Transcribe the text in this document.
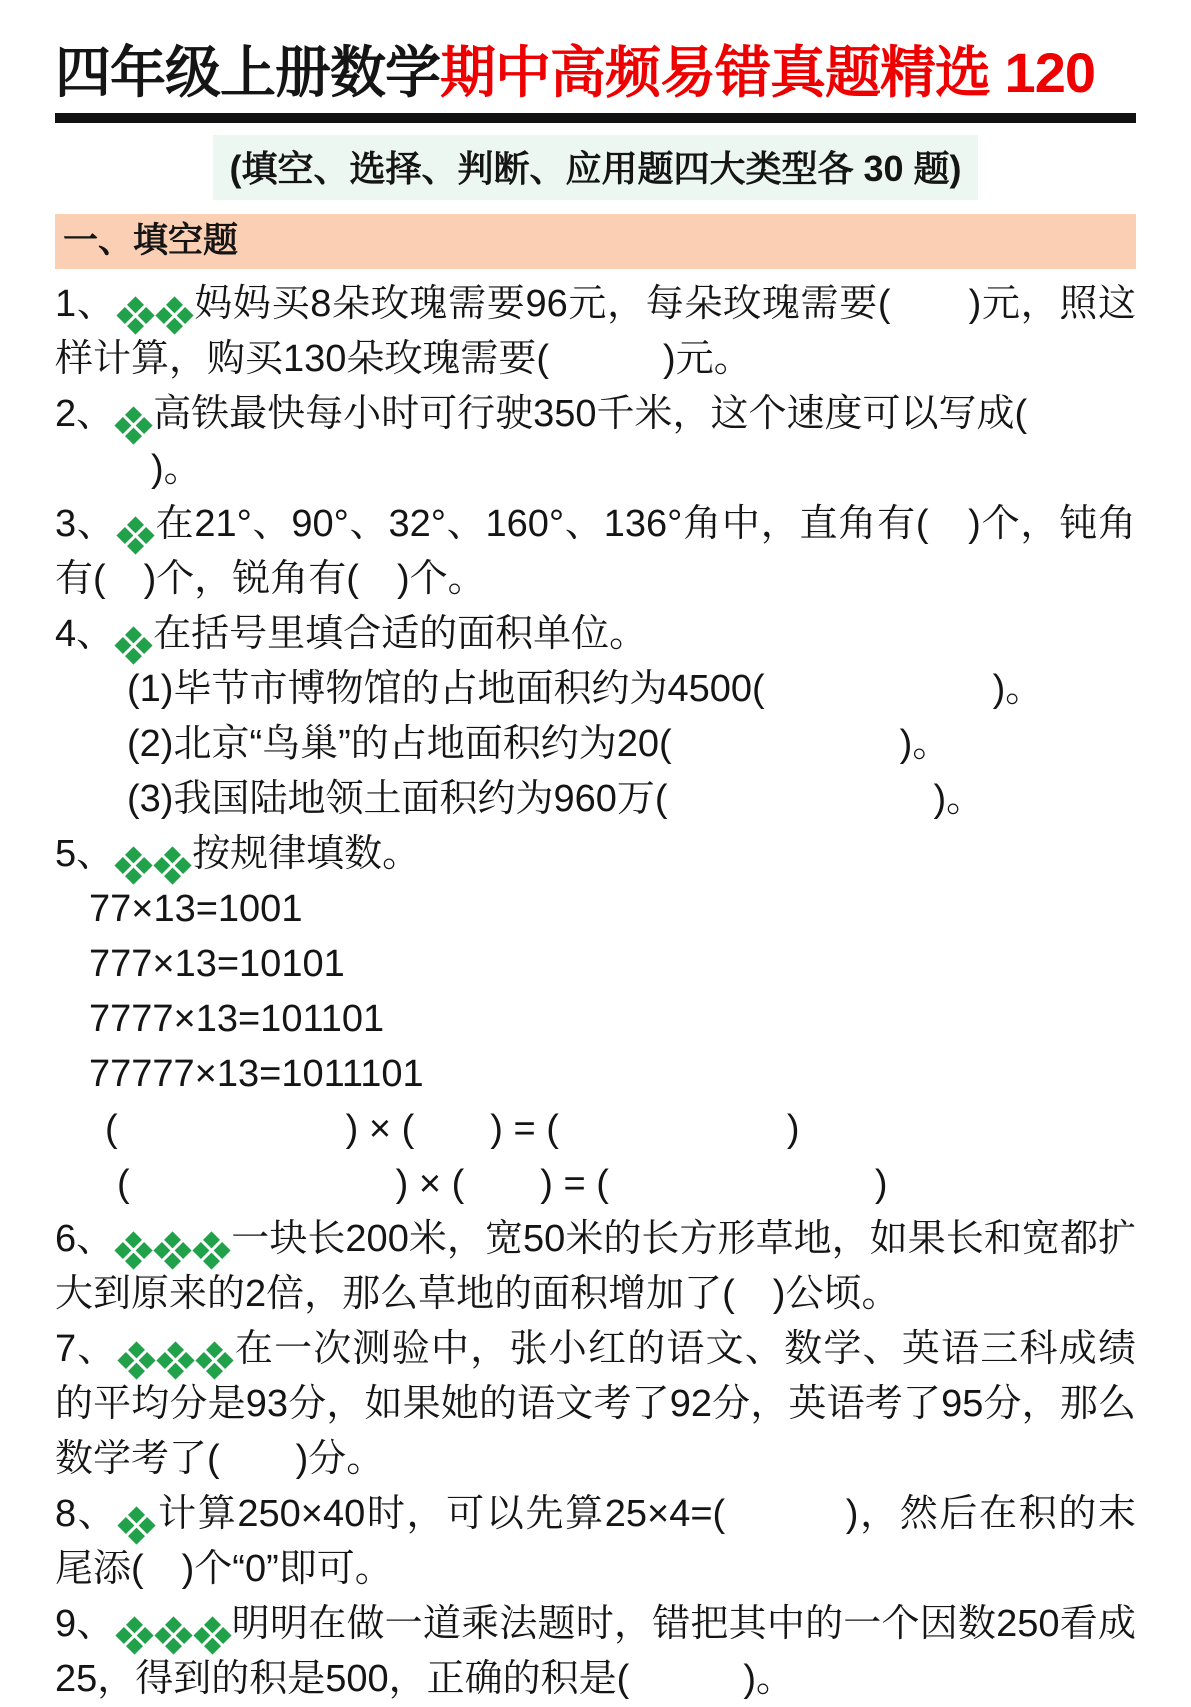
四年级上册数学期中高频易错真题精选 120
(填空、选择、判断、应用题四大类型各 30 题)
一、填空题

1、 妈妈买8朵玫瑰需要96元，每朵玫瑰需要(　　)元，照这样计算，购买130朵玫瑰需要(　　　)元。

2、 高铁最快每小时可行驶350千米，这个速度可以写成(

　)。

3、 在21°、90°、32°、160°、136°角中，直角有(　)个，钝角有(　)个，锐角有(　)个。

4、 在括号里填合适的面积单位。

(1)毕节市博物馆的占地面积约为4500(　　　　　　)。

(2)北京“鸟巢”的占地面积约为20(　　　　　　)。

(3)我国陆地领土面积约为960万(　　　　　　　)。

5、 按规律填数。

77×13=1001

777×13=10101

7777×13=101101

77777×13=1011101

(　　　　　　) × (　　) = (　　　　　　)

(　　　　　　　) × (　　) = (　　　　　　　)

6、	一块长200米，宽50米的长方形草地，如果长和宽都扩大到原来的2倍，那么草地的面积增加了(　)公顷。

7、	在一次测验中，张小红的语文、数学、英语三科成绩的平均分是93分，如果她的语文考了92分，英语考了95分，那么数学考了(　　)分。

8、 计算250×40时，可以先算25×4=(　　　)，然后在积的末尾添(　)个“0”即可。

9、	明明在做一道乘法题时，错把其中的一个因数250看成25，得到的积是500，正确的积是(　　　)。
